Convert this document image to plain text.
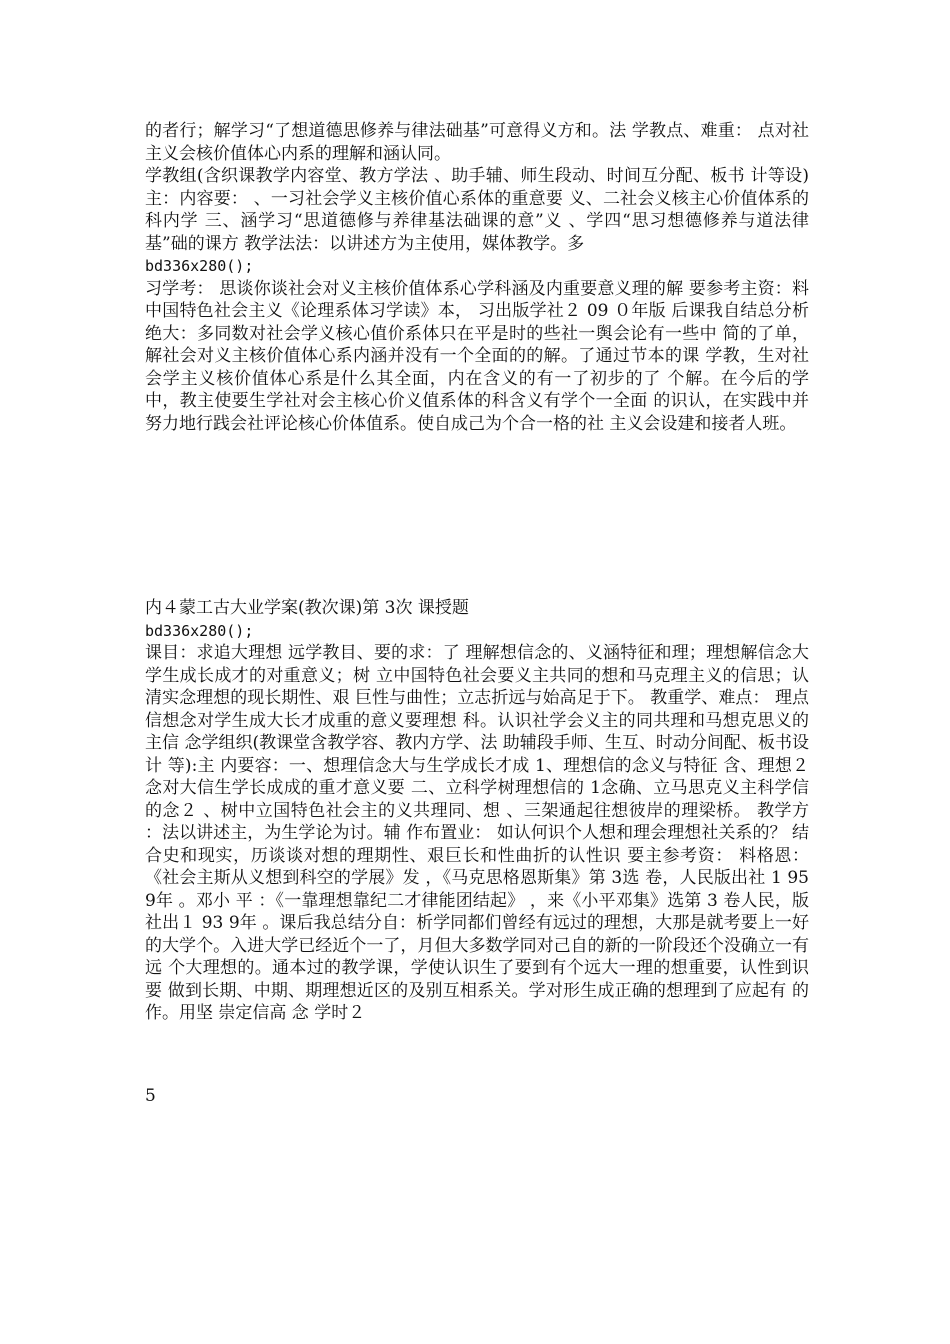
的者行；解学习“了想道德思修养与律法础基”可意得义方和。法 学教点、难重： 点对社主义会核价值体心内系的理解和涵认同。

学教组(含织课教学内容堂、教方学法 、助手辅、师生段动、时间互分配、板书 计等设) 主：内容要： 、一习社会学义主核价值心系体的重意要 义、二社会义核主心价值体系的科内学 三、涵学习“思道德修与养律基法础课的意”义 、学四“思习想德修养与道法律基”础的课方 教学法法：以讲述方为主使用，媒体教学。多

bd336x280();

习学考： 思谈你谈社会对义主核价值体系心学科涵及内重要意义理的解 要参考主资：料 中国特色社会主义《论理系体习学读》本， 习出版学社２ 09 ０年版 后课我自结总分析 绝大：多同数对社会学义核心值价系体只在平是时的些社一舆会论有一些中 简的了单，解社会对义主核价值体心系内涵并没有一个全面的的解。了通过节本的课 学教，生对社会学主义核价值体心系是什么其全面，内在含义的有一了初步的了 个解。在今后的学中，教主使要生学社对会主核心价义值系体的科含义有学个一全面 的识认，在实践中并努力地行践会社评论核心价体值系。使自成己为个合一格的社 主义会设建和接者人班。

内４蒙工古大业学案(教次课)第 3次 课授题

bd336x280();

课目：求追大理想 远学教目、要的求：了 理解想信念的、义涵特征和理；理想解信念大学生成长成才的对重意义；树 立中国特色社会要义主共同的想和马克理主义的信思；认清实念理想的现长期性、艰 巨性与曲性；立志折远与始高足于下。 教重学、难点： 理点信想念对学生成大长才成重的意义要理想 科。认识社学会义主的同共理和马想克思义的主信 念学组织(教课堂含教学容、教内方学、法 助辅段手师、生互、时动分间配、板书设计 等):主 内要容：一、想理信念大与生学成长才成 1、理想信的念义与特征 含、理想２念对大信生学长成成的重才意义要 二、立科学树理想信的 1念确、立马思克义主科学信的念２ 、树中立国特色社会主的义共理同、想 、三架通起往想彼岸的理梁桥。 教学方 ：法以讲述主，为生学论为讨。辅 作布置业： 如认何识个人想和理会理想社关系的？ 结合史和现实，历谈谈对想的理期性、艰巨长和性曲折的认性识 要主参考资： 料格恩： 《社会主斯从义想到科空的学展》发 ，《马克思格恩斯集》第 3选 卷，人民版出社 1 959年 。邓小 平 ：《一靠理想靠纪二才律能团结起》 ，来《小平邓集》选第 3 卷人民，版社出１ 93 9年 。课后我总结分自：析学同都们曾经有远过的理想，大那是就考要上一好的大学个。入进大学已经近个一了，月但大多数学同对己自的新的一阶段还个没确立一有远 个大理想的。通本过的教学课，学使认识生了要到有个远大一理的想重要，认性到识要 做到长期、中期、期理想近区的及别互相系关。学对形生成正确的想理到了应起有 的作。用坚 崇定信高 念 学时２

5
